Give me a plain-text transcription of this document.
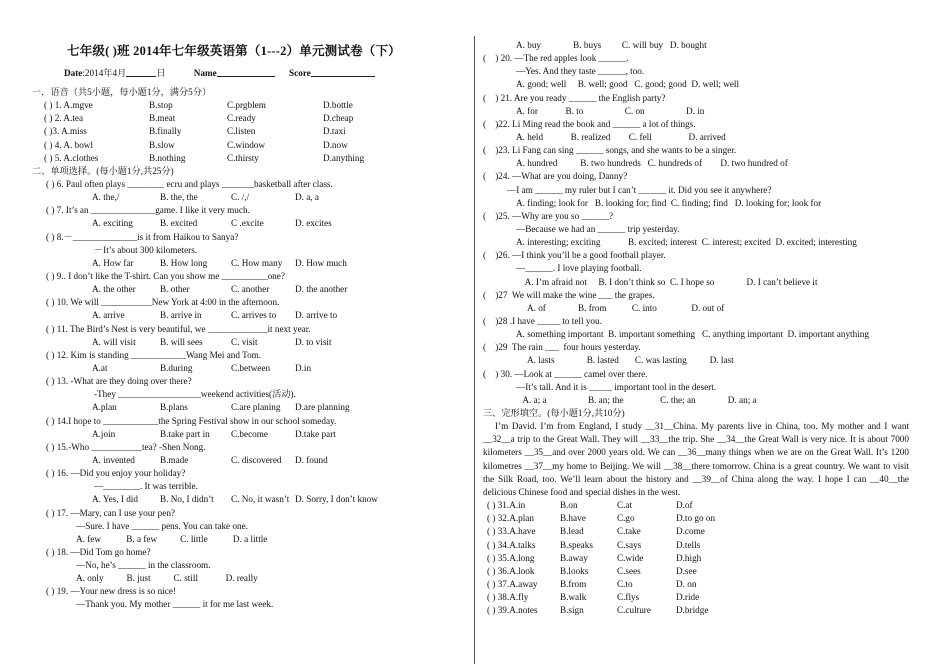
七年级( )班 2014年七年级英语第（1---2）单元测试卷（下）
Date:2014年4月	日	Name	Score
一．语音（共5小题，每小题1分，满分5分）
( ) 1. A.mgve	B.stop	C.prgblem	D.bottle
( ) 2. A.tea	B.meat	C.ready	D.cheap
( )3. A.miss	B.finally	C.listen	D.taxi
( ) 4. A. bowl	B.slow	C.window	D.now
( ) 5. A.clothes	B.nothing	C.thirsty	D.anything
二、单项选择。(每小题1分,共25分)
( ) 6. Paul often plays ________ ecru and plays _______basketball after class.
A. the,/	B. the, the	C. /,/	D. a, a
( ) 7. It’s an ______________game. I like it very much.
A. exciting	B. excited	C .excite	D. excites
( ) 8.－______________is it from Haikou to Sanya?
－It’s about 300 kilometers.
A. How far	B. How long	C. How many D. How much
( ) 9.. I don’t like the T-shirt. Can you show me __________one?
A. the other	B. other	C. another	D. the another
( ) 10. We will ___________New York at 4:00 in the afternoon.
A. arrive	B. arrive in	C. arrives to D. arrive to
( ) 11. The Bird’s Nest is very beautiful, we _____________it next year.
A. will visit	B. will sees	C. visit	D. to visit
( ) 12. Kim is standing ____________Wang Mei and Tom.
A.at	B.during	C.between	D.in
( ) 13. -What are they doing over there?
-They __________________weekend activities(活动).
A.plan	B.plans	C.are planing D.are planning
( ) 14.I hope to ____________the Spring Festival show in our school someday.
A.join	B.take part in C.become	D.take part
( ) 15.-Who ___________tea? -Shen Nong.
A. invented	B.made	C. discovered D. found
( ) 16. —Did you enjoy your holiday?
—________. It was terrible.
A. Yes, I did B. No, I didn’t C. No, it wasn’t D. Sorry, I don’t know
( ) 17. —Mary, can I use your pen?
—Sure. I have ______ pens. You can take one.
A. few           B. a few          C. little           D. a little
( ) 18. —Did Tom go home?
—No, he’s ______ in the classroom.
A. only          B. just          C. still            D. really
( ) 19. —Your new dress is so nice!
—Thank you. My mother ______ it for me last week.
A. buy              B. buys         C. will buy   D. bought
(    ) 20. —The red apples look ______.
—Yes. And they taste ______, too.
A. good; well     B. well; good   C. good; good  D. well; well
(    ) 21. Are you ready ______ the English party?
A. for            B. to                  C. on                  D. in
(    )22. Li Ming read the book and ______ a lot of things.
A. held            B. realized        C. fell                D. arrived
(    )23. Li Fang can sing ______ songs, and she wants to be a singer.
A. hundred          B. two hundreds   C. hundreds of        D. two hundred of
(    )24. —What are you doing, Danny?
—I am ______ my ruler but I can’t ______ it. Did you see it anywhere?
A. finding; look for   B. looking for; find  C. finding; find   D. looking for; look for
(    )25. —Why are you so ______?
—Because we had an ______ trip yesterday.
A. interesting; exciting            B. excited; interest  C. interest; excited  D. excited; interesting
(    )26. —I think you’ll be a good football player.
—______. I love playing football.
A. I’m afraid not     B. I don’t think so  C. I hope so              D. I can’t believe it
(    )27  We will make the wine ___ the grapes.
A. of              B. from           C. into               D. out of
(    )28 .I have _____ to tell you.
A. something important  B. important something   C. anything important  D. important anything
(    )29  The rain ___  four hours yesterday.
A. lasts              B. lasted       C. was lasting          D. last
(    ) 30. —Look at ______ camel over there.
—It’s tall. And it is _____ important tool in the desert.
A. a; a                  B. an; the                C. the; an              D. an; a
三、完形填空。(每小题1分,共10分)
I’m David. I’m from England, I study __31__China. My parents live in China, too. My mother and I want __32__a trip to the Great Wall. They will __33__the trip. She __34__the Great Wall is very nice. It is about 7000 kilometers __35__and over 2000 years old. We can __36__many things when we are on the Great Wall. It’s 1200 kilometres __37__my home to Beijing. We will __38__there tomorrow. China is a great country. We want to visit the Silk Road, too. We’ll learn about the history and __39__of China along the way. I hope I can __40__the delicious Chinese food and special dishes in the west.
( ) 31.A.in	B.on	C.at	D.of
( ) 32.A.plan	B.have	C.go	D.to go on
( ) 33.A.have	B.lead	C.take	D.come
( ) 34.A.talks	B.speaks	C.says	D.tells
( ) 35.A.long	B.away	C.wide	D.high
( ) 36.A.look	B.looks	C.sees	D.see
( ) 37.A.away	B.from	C.to	D. on
( ) 38.A.fly	B.walk	C.flys	D.ride
( ) 39.A.notes	B.sign	C.culture	D.bridge
